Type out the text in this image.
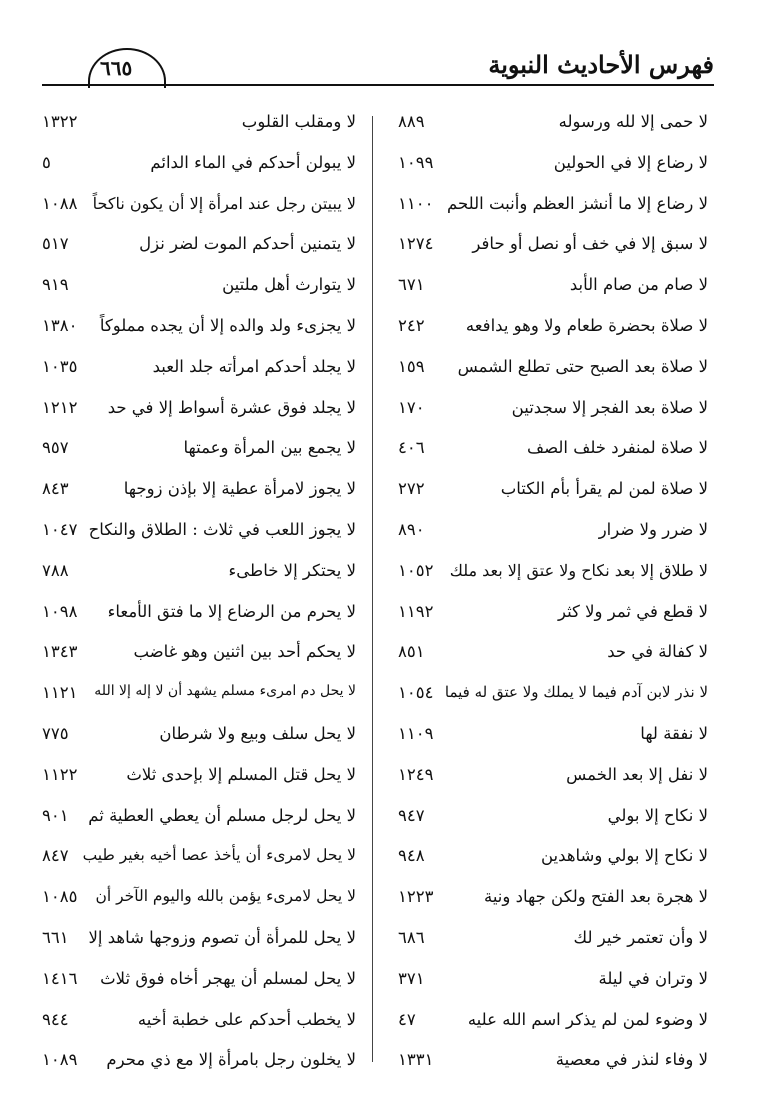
فهرس الأحاديث النبوية
٦٦٥
لا حمى إلا لله ورسوله
٨٨٩
لا رضاع إلا في الحولين
١٠٩٩
لا رضاع إلا ما أنشز العظم وأنبت اللحم
١١٠٠
لا سبق إلا في خف أو نصل أو حافر
١٢٧٤
لا صام من صام الأبد
٦٧١
لا صلاة بحضرة طعام ولا وهو يدافعه
٢٤٢
لا صلاة بعد الصبح حتى تطلع الشمس
١٥٩
لا صلاة بعد الفجر إلا سجدتين
١٧٠
لا صلاة لمنفرد خلف الصف
٤٠٦
لا صلاة لمن لم يقرأ بأم الكتاب
٢٧٢
لا ضرر ولا ضرار
٨٩٠
لا طلاق إلا بعد نكاح ولا عتق إلا بعد ملك
١٠٥٢
لا قطع في ثمر ولا كثر
١١٩٢
لا كفالة في حد
٨٥١
لا نذر لابن آدم فيما لا يملك ولا عتق له فيما
١٠٥٤
لا نفقة لها
١١٠٩
لا نفل إلا بعد الخمس
١٢٤٩
لا نكاح إلا بولي
٩٤٧
لا نكاح إلا بولي وشاهدين
٩٤٨
لا هجرة بعد الفتح ولكن جهاد ونية
١٢٢٣
لا وأن تعتمر خير لك
٦٨٦
لا وتران في ليلة
٣٧١
لا وضوء لمن لم يذكر اسم الله عليه
٤٧
لا وفاء لنذر في معصية
١٣٣١
لا ومقلب القلوب
١٣٢٢
لا يبولن أحدكم في الماء الدائم
٥
لا يبيتن رجل عند امرأة إلا أن يكون ناكحاً
١٠٨٨
لا يتمنين أحدكم الموت لضر نزل
٥١٧
لا يتوارث أهل ملتين
٩١٩
لا يجزىء ولد والده إلا أن يجده مملوكاً
١٣٨٠
لا يجلد أحدكم امرأته جلد العبد
١٠٣٥
لا يجلد فوق عشرة أسواط إلا في حد
١٢١٢
لا يجمع بين المرأة وعمتها
٩٥٧
لا يجوز لامرأة عطية إلا بإذن زوجها
٨٤٣
لا يجوز اللعب في ثلاث : الطلاق والنكاح
١٠٤٧
لا يحتكر إلا خاطىء
٧٨٨
لا يحرم من الرضاع إلا ما فتق الأمعاء
١٠٩٨
لا يحكم أحد بين اثنين وهو غاضب
١٣٤٣
لا يحل دم امرىء مسلم يشهد أن لا إله إلا الله
١١٢١
لا يحل سلف وبيع ولا شرطان
٧٧٥
لا يحل قتل المسلم إلا بإحدى ثلاث
١١٢٢
لا يحل لرجل مسلم أن يعطي العطية ثم
٩٠١
لا يحل لامرىء أن يأخذ عصا أخيه بغير طيب
٨٤٧
لا يحل لامرىء يؤمن بالله واليوم الآخر أن
١٠٨٥
لا يحل للمرأة أن تصوم وزوجها شاهد إلا
٦٦١
لا يحل لمسلم أن يهجر أخاه فوق ثلاث
١٤١٦
لا يخطب أحدكم على خطبة أخيه
٩٤٤
لا يخلون رجل بامرأة إلا مع ذي محرم
١٠٨٩
